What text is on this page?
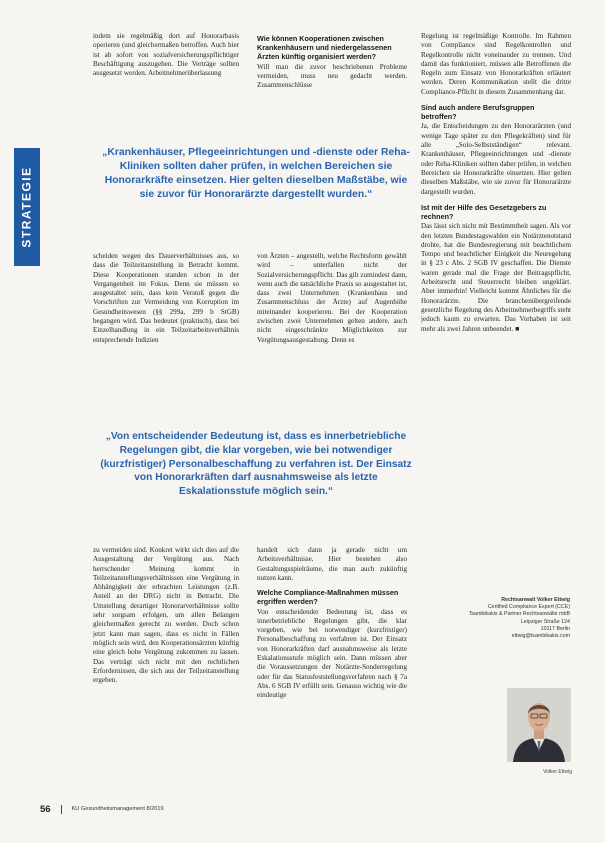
STRATEGIE

indem sie regelmäßig dort auf Honorarbasis operieren (und gleichermaßen betroffen. Auch hier ist ab sofort von sozialversicherungspflichtiger Beschäftigung auszugehen. Die Verträge sollten ausgesetzt werden. Arbeitnehmerüberlassung

Wie können Kooperationen zwischen Krankenhäusern und niedergelassenen Ärzten künftig organisiert werden?

Will man die zuvor beschriebenen Probleme vermeiden, muss neu gedacht werden. Zusammenschlüsse

Regelung ist regelmäßige Kontrolle. Im Rahmen von Compliance sind Regelkontrollen und Regelkontrolle nicht voneinander zu trennen. Und damit das funktioniert, müssen alle Betroffenen die Regeln zum Einsatz von Honorarkräften erläutert werden. Deren Kommunikation stellt die dritte Compliance-Pflicht in diesem Zusammenhang dar.

Sind auch andere Berufsgruppen betroffen?

Ja, die Entscheidungen zu den Honorarärzten (und wenige Tage später zu den Pflegekräften) sind für alle „Solo-Selbstständigen“ relevant. Krankenhäuser, Pflegeeinrichtungen und -dienste oder Reha-Kliniken sollten daher prüfen, in welchen Bereichen sie Honorarkräfte einsetzen. Hier gelten dieselben Maßstäbe, wie sie zuvor für Honorarärzte dargestellt wurden.

Ist mit der Hilfe des Gesetzgebers zu rechnen?

Das lässt sich nicht mit Bestimmtheit sagen. Als vor den letzten Bundestagswahlen ein Notärztenotstand drohte, hat die Bundesregierung mit beachtlichem Tempo und beachtlicher Einigkeit die Neuregelung in § 23 c Abs. 2 SGB IV geschaffen. Die Dienste waren gerade mal die Frage der Beitragspflicht, Arbeitsrecht und Steuerrecht bleiben ungeklärt. Aber immerhin! Vielleicht kommt Ähnliches für die Honorarärzte. Die branchenübergreifende gesetzliche Regelung des Arbeitnehmerbegriffs steht jedoch kaum zu erwarten. Das Vorhaben ist seit mehr als zwei Jahren unbeendet. ■

„Krankenhäuser, Pflegeeinrichtungen und -dienste oder Reha-Kliniken sollten daher prüfen, in welchen Bereichen sie Honorarkräfte einsetzen. Hier gelten dieselben Maßstäbe, wie sie zuvor für Honorarärzte dargestellt wurden.“

scheiden wegen des Dauerverhältnisses aus, so dass die Teilzeitanstellung in Betracht kommt. Diese Kooperationen standen schon in der Vergangenheit im Fokus. Denn sie müssen so ausgestaltet sein, dass kein Verstoß gegen die Vorschriften zur Vermeidung von Korruption im Gesundheitswesen (§§ 299a, 299 b StGB) begangen wird. Das bedeutet (praktisch), dass bei Einzelhandlung in ein Teilzeitarbeitsverhältnis entsprechende Indizien

von Ärzten – angestellt, welche Rechtsform gewählt wird – unterfallen nicht der Sozialversicherungspflicht. Das gilt zumindest dann, wenn auch die tatsächliche Praxis so ausgestaltet ist, dass zwei Unternehmen (Krankenhaus und Zusammenschluss der Ärzte) auf Augenhöhe miteinander kooperieren. Bei der Kooperation zwischen zwei Unternehmen gelten andere, auch nicht eingeschränkte Möglichkeiten zur Vergütungsausgestaltung. Denn es

„Von entscheidender Bedeutung ist, dass es innerbetriebliche Regelungen gibt, die klar vorgeben, wie bei notwendiger (kurzfristiger) Personalbeschaffung zu verfahren ist. Der Einsatz von Honorarkräften darf ausnahmsweise als letzte Eskalationsstufe möglich sein.“

zu vermeiden sind. Konkret wirkt sich dies auf die Ausgestaltung der Vergütung aus. Nach herrschender Meinung kommt in Teilzeitanstellungsverhältnissen eine Vergütung in Abhängigkeit der erbrachten Leistungen (z.B. Anteil an der DRG) nicht in Betracht. Die Umstellung derartiger Honorarverhältnisse sollte sehr sorgsam erfolgen, um allen Belangen gleichermaßen gerecht zu werden. Doch schon jetzt kann man sagen, dass es nicht in Fällen möglich sein wird, den Kooperationsärzten künftig eine gleich hohe Vergütung zukommen zu lassen. Das verträgt sich nicht mit den rechtlichen Erfordernissen, die sich aus der Teilzeitanstellung ergeben.

handelt sich dann ja gerade nicht um Arbeitsverhältnisse. Hier bestehen also Gestaltungsspielräume, die man auch zukünftig nutzen kann.

Welche Compliance-Maßnahmen müssen ergriffen werden?

Von entscheidender Bedeutung ist, dass es innerbetriebliche Regelungen gibt, die klar vorgeben, wie bei notwendiger (kurzfristiger) Personalbeschaffung zu verfahren ist. Der Einsatz von Honorarkräften darf ausnahmsweise als letzte Eskalationsstufe möglich sein. Dann müssen aber die Voraussetzungen der Notärzte-Sonderregelung oder für das Statusfeststellungsverfahren nach § 7a Abs. 6 SGB IV erfüllt sein. Genauso wichtig wie die eindeutige

Rechtsanwalt Volker Ettwig
Certified Compliance Expert (CCE)
Tsambikakis & Partner Rechtsanwälte mbB
Leipziger Straße 124
10117 Berlin
ettwig@tsambikakis.com
Volker Ettwig
56	KU Gesundheitsmanagement 8/2019
